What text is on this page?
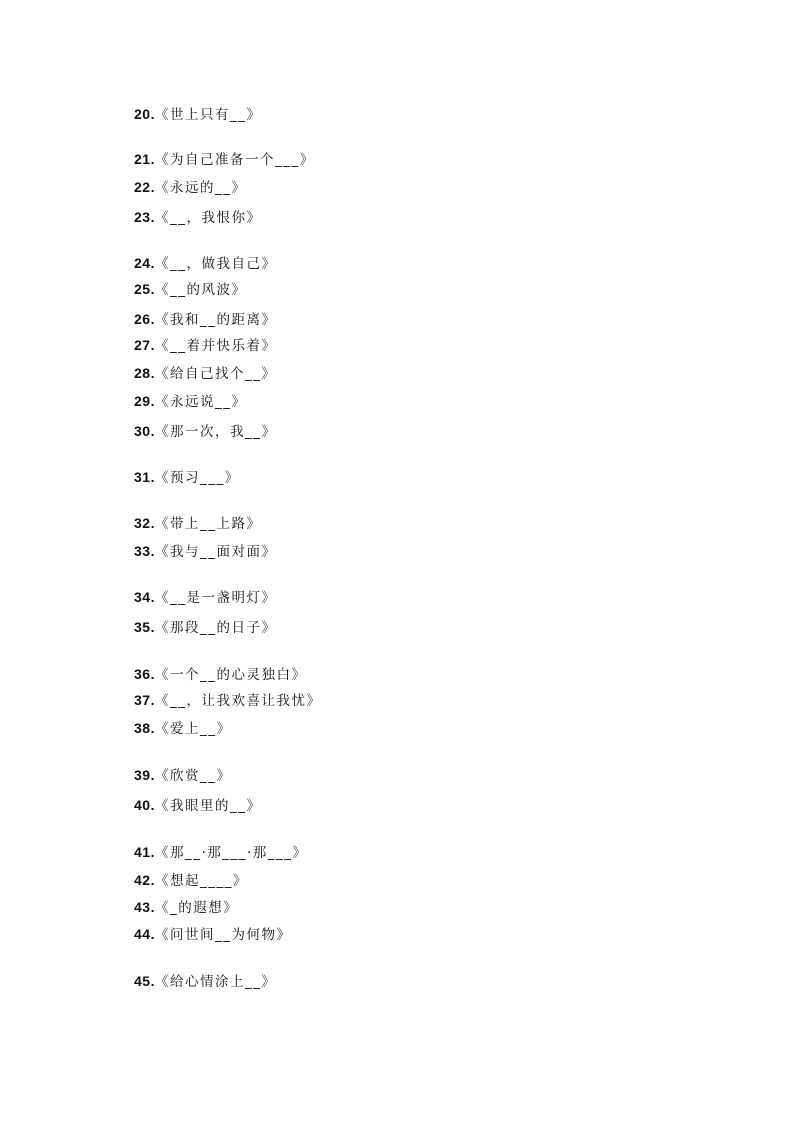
20.《世上只有__》
21.《为自己准备一个___》
22.《永远的__》
23.《__，我恨你》
24.《__，做我自己》
25.《__的风波》
26.《我和__的距离》
27.《__着并快乐着》
28.《给自己找个__》
29.《永远说__》
30.《那一次，我__》
31.《预习___》
32.《带上__上路》
33.《我与__面对面》
34.《__是一盏明灯》
35.《那段__的日子》
36.《一个__的心灵独白》
37.《__，让我欢喜让我忧》
38.《爱上__》
39.《欣赏__》
40.《我眼里的__》
41.《那__·那___·那___》
42.《想起____》
43.《_的遐想》
44.《问世间__为何物》
45.《给心情涂上__》
